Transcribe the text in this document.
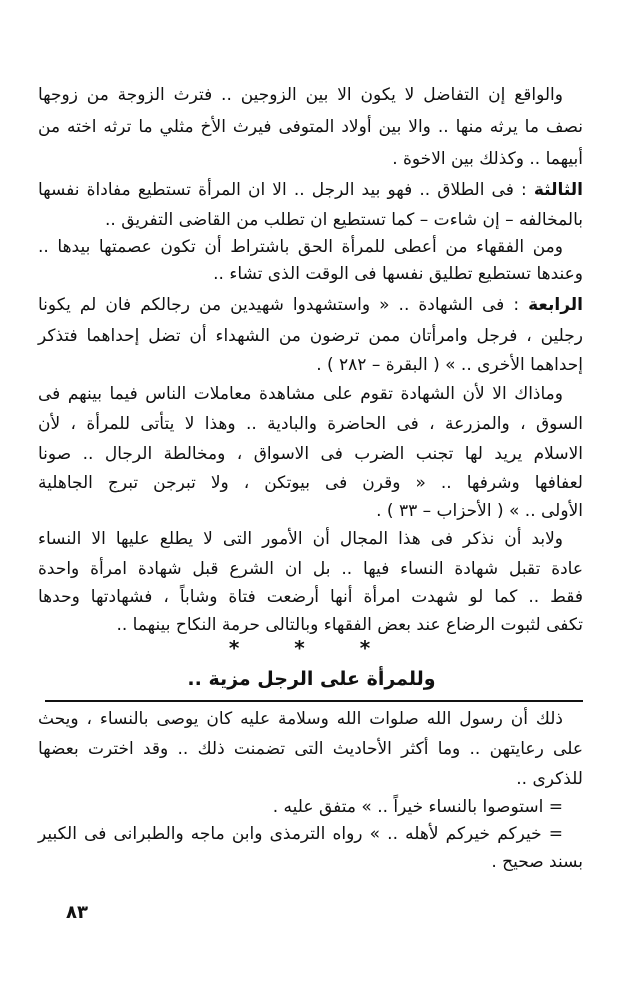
والواقع إن التفاضل لا يكون الا بين الزوجين .. فترث الزوجة من زوجها
نصف ما يرثه منها .. والا بين أولاد المتوفى فيرث الأخ مثلي ما ترثه اخته من
أبيهما .. وكذلك بين الاخوة .
الثالثة : فى الطلاق .. فهو بيد الرجل .. الا ان المرأة تستطيع مفاداة نفسها
بالمخالفه – إن شاءت – كما تستطيع ان تطلب من القاضى التفريق ..
ومن الفقهاء من أعطى للمرأة الحق باشتراط أن تكون عصمتها بيدها ..
وعندها تستطيع تطليق نفسها فى الوقت الذى تشاء ..
الرابعة : فى الشهادة .. « واستشهدوا شهيدين من رجالكم فان لم يكونا
رجلين ، فرجل وامرأتان ممن ترضون من الشهداء أن تضل إحداهما فتذكر
إحداهما الأخرى .. » ( البقرة – ٢٨٢ ) .
وماذاك الا لأن الشهادة تقوم على مشاهدة معاملات الناس فيما بينهم فى
السوق ، والمزرعة ، فى الحاضرة والبادية .. وهذا لا يتأتى للمرأة ، لأن
الاسلام يريد لها تجنب الضرب فى الاسواق ، ومخالطة الرجال .. صونا
لعفافها وشرفها .. « وقرن فى بيوتكن ، ولا تبرجن تبرج الجاهلية
الأولى .. » ( الأحزاب – ٣٣ ) .
ولابد أن نذكر فى هذا المجال أن الأمور التى لا يطلع عليها الا النساء
عادة تقبل شهادة النساء فيها .. بل ان الشرع قبل شهادة امرأة واحدة
فقط .. كما لو شهدت امرأة أنها أرضعت فتاة وشاباً ، فشهادتها وحدها
تكفى لثبوت الرضاع عند بعض الفقهاء وبالتالى حرمة النكاح بينهما ..
* * *
وللمرأة على الرجل مزية ..
ذلك أن رسول الله صلوات الله وسلامة عليه كان يوصى بالنساء ، ويحث
على رعايتهن .. وما أكثر الأحاديث التى تضمنت ذلك .. وقد اخترت بعضها
للذكرى ..
= استوصوا بالنساء خيراً .. » متفق عليه .
= خيركم خيركم لأهله .. » رواه الترمذى وابن ماجه والطبرانى فى الكبير
بسند صحيح .
٨٣
